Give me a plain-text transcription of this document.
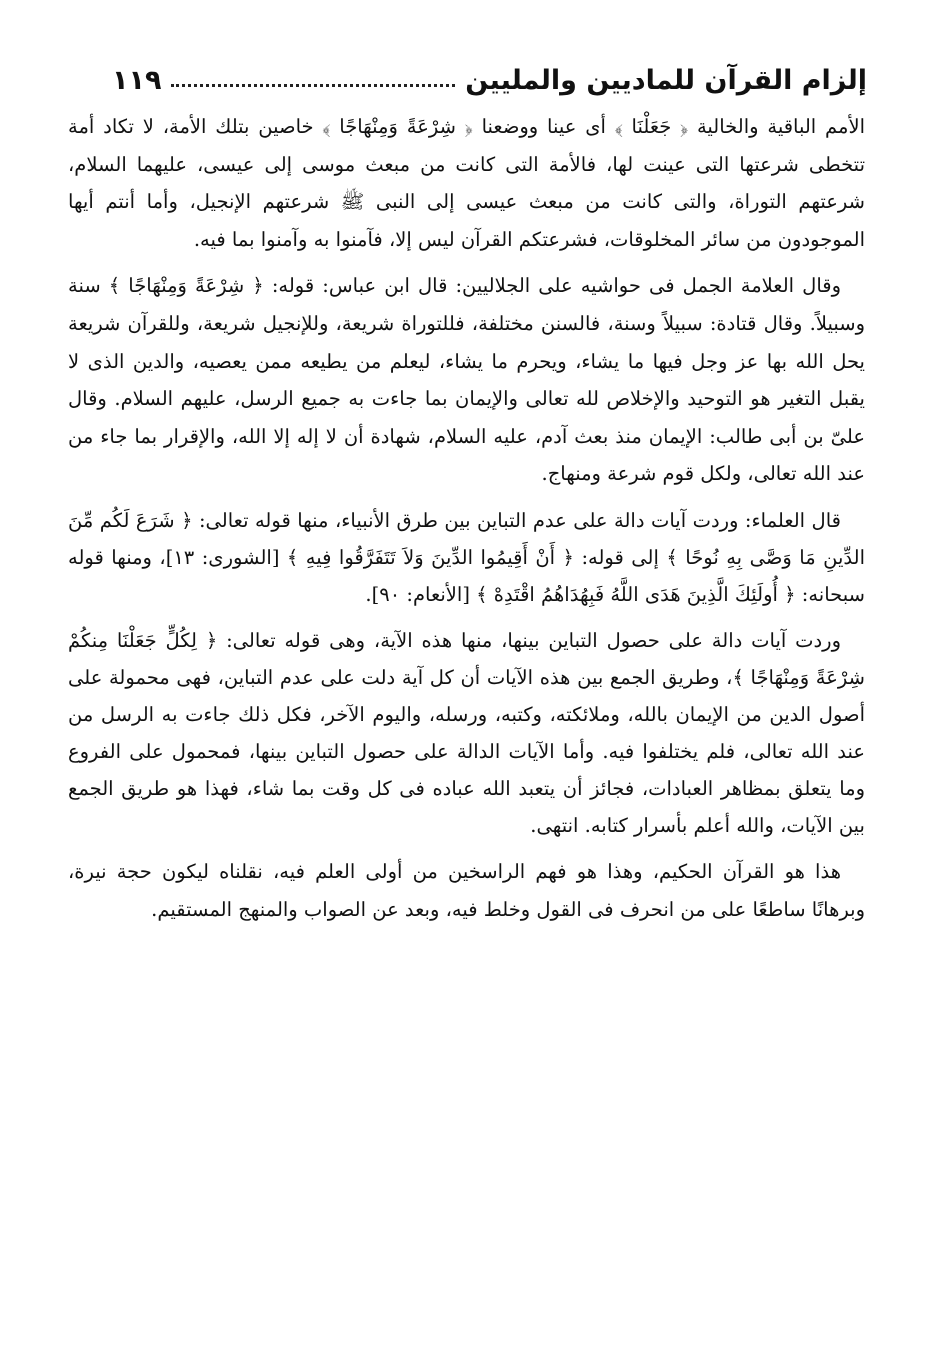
إلزام القرآن للماديين والمليين
١١٩

الأمم الباقية والخالية ﴿ جَعَلْنَا ﴾ أى عينا ووضعنا ﴿ شِرْعَةً وَمِنْهَاجًا ﴾ خاصين بتلك الأمة، لا تكاد أمة تتخطى شرعتها التى عينت لها، فالأمة التى كانت من مبعث موسى إلى عيسى، عليهما السلام، شرعتهم التوراة، والتى كانت من مبعث عيسى إلى النبى ﷺ شرعتهم الإنجيل، وأما أنتم أيها الموجودون من سائر المخلوقات، فشرعتكم القرآن ليس إلا، فآمنوا به وآمنوا بما فيه.

وقال العلامة الجمل فى حواشيه على الجلاليين: قال ابن عباس: قوله: ﴿ شِرْعَةً وَمِنْهَاجًا ﴾ سنة وسبيلاً. وقال قتادة: سبيلاً وسنة، فالسنن مختلفة، فللتوراة شريعة، وللإنجيل شريعة، وللقرآن شريعة يحل الله بها عز وجل فيها ما يشاء، ويحرم ما يشاء، ليعلم من يطيعه ممن يعصيه، والدين الذى لا يقبل التغير هو التوحيد والإخلاص لله تعالى والإيمان بما جاءت به جميع الرسل، عليهم السلام. وقال علىّ بن أبى طالب: الإيمان منذ بعث آدم، عليه السلام، شهادة أن لا إله إلا الله، والإقرار بما جاء من عند الله تعالى، ولكل قوم شرعة ومنهاج.

قال العلماء: وردت آيات دالة على عدم التباين بين طرق الأنبياء، منها قوله تعالى: ﴿ شَرَعَ لَكُم مِّنَ الدِّينِ مَا وَصَّى بِهِ نُوحًا ﴾ إلى قوله: ﴿ أَنْ أَقِيمُوا الدِّينَ وَلاَ تَتَفَرَّقُوا فِيهِ ﴾ [الشورى: ١٣]، ومنها قوله سبحانه: ﴿ أُولَئِكَ الَّذِينَ هَدَى اللَّهُ فَبِهُدَاهُمُ اقْتَدِهْ ﴾ [الأنعام: ٩٠].

وردت آيات دالة على حصول التباين بينها، منها هذه الآية، وهى قوله تعالى: ﴿ لِكُلٍّ جَعَلْنَا مِنكُمْ شِرْعَةً وَمِنْهَاجًا ﴾، وطريق الجمع بين هذه الآيات أن كل آية دلت على عدم التباين، فهى محمولة على أصول الدين من الإيمان بالله، وملائكته، وكتبه، ورسله، واليوم الآخر، فكل ذلك جاءت به الرسل من عند الله تعالى، فلم يختلفوا فيه. وأما الآيات الدالة على حصول التباين بينها، فمحمول على الفروع وما يتعلق بمظاهر العبادات، فجائز أن يتعبد الله عباده فى كل وقت بما شاء، فهذا هو طريق الجمع بين الآيات، والله أعلم بأسرار كتابه. انتهى.

هذا هو القرآن الحكيم، وهذا هو فهم الراسخين من أولى العلم فيه، نقلناه ليكون حجة نيرة، وبرهانًا ساطعًا على من انحرف فى القول وخلط فيه، وبعد عن الصواب والمنهج المستقيم.
